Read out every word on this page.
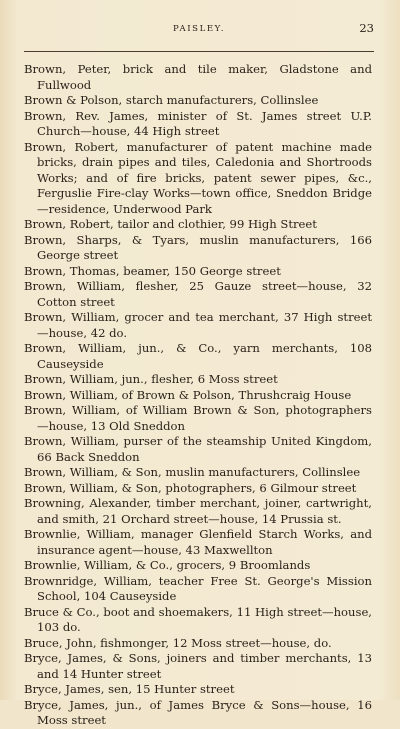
PAISLEY.	23
Brown, Peter, brick and tile maker, Gladstone and Fullwood
Brown & Polson, starch manufacturers, Collinslee
Brown, Rev. James, minister of St. James street U.P. Church—house, 44 High street
Brown, Robert, manufacturer of patent machine made bricks, drain pipes and tiles, Caledonia and Shortroods Works; and of fire bricks, patent sewer pipes, &c., Ferguslie Fire-clay Works—town office, Sneddon Bridge—residence, Underwood Park
Brown, Robert, tailor and clothier, 99 High Street
Brown, Sharps, & Tyars, muslin manufacturers, 166 George street
Brown, Thomas, beamer, 150 George street
Brown, William, flesher, 25 Gauze street—house, 32 Cotton street
Brown, William, grocer and tea merchant, 37 High street —house, 42 do.
Brown, William, jun., & Co., yarn merchants, 108 Causeyside
Brown, William, jun., flesher, 6 Moss street
Brown, William, of Brown & Polson, Thrushcraig House
Brown, William, of William Brown & Son, photographers —house, 13 Old Sneddon
Brown, William, purser of the steamship United Kingdom, 66 Back Sneddon
Brown, William, & Son, muslin manufacturers, Collinslee
Brown, William, & Son, photographers, 6 Gilmour street
Browning, Alexander, timber merchant, joiner, cartwright, and smith, 21 Orchard street—house, 14 Prussia st.
Brownlie, William, manager Glenfield Starch Works, and insurance agent—house, 43 Maxwellton
Brownlie, William, & Co., grocers, 9 Broomlands
Brownridge, William, teacher Free St. George's Mission School, 104 Causeyside
Bruce & Co., boot and shoemakers, 11 High street—house, 103 do.
Bruce, John, fishmonger, 12 Moss street—house, do.
Bryce, James, & Sons, joiners and timber merchants, 13 and 14 Hunter street
Bryce, James, sen, 15 Hunter street
Bryce, James, jun., of James Bryce & Sons—house, 16 Moss street
